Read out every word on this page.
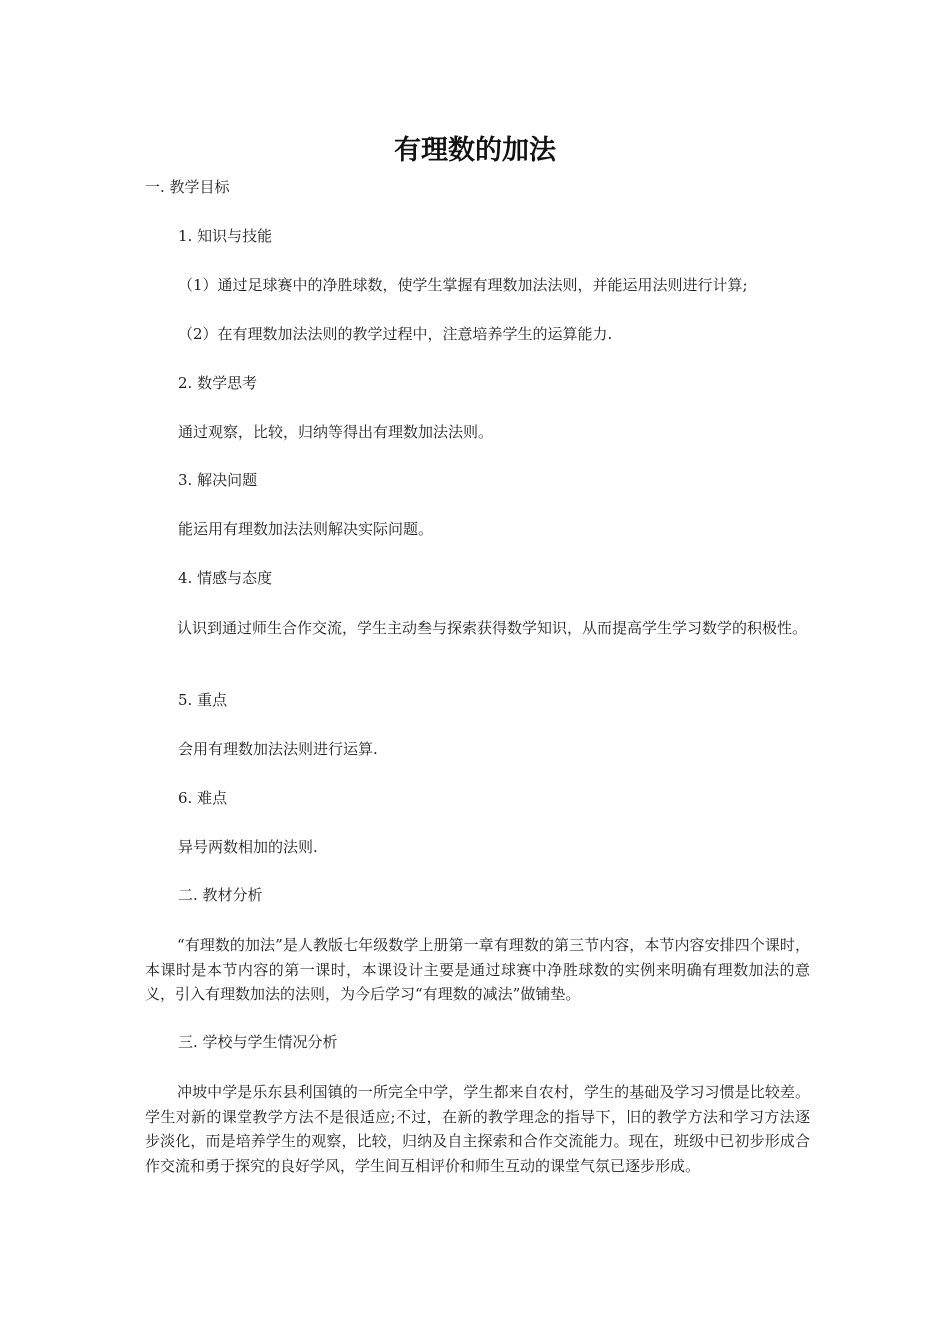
有理数的加法
一. 教学目标
1. 知识与技能
（1）通过足球赛中的净胜球数，使学生掌握有理数加法法则，并能运用法则进行计算;
（2）在有理数加法法则的教学过程中，注意培养学生的运算能力.
2. 数学思考
通过观察，比较，归纳等得出有理数加法法则。
3. 解决问题
能运用有理数加法法则解决实际问题。
4. 情感与态度
认识到通过师生合作交流，学生主动叁与探索获得数学知识，从而提高学生学习数学的积极性。
5. 重点
会用有理数加法法则进行运算.
6. 难点
异号两数相加的法则.
二. 教材分析
“有理数的加法”是人教版七年级数学上册第一章有理数的第三节内容，本节内容安排四个课时，本课时是本节内容的第一课时，本课设计主要是通过球赛中净胜球数的实例来明确有理数加法的意义，引入有理数加法的法则，为今后学习“有理数的减法”做铺垫。
三. 学校与学生情况分析
冲坡中学是乐东县利国镇的一所完全中学，学生都来自农村，学生的基础及学习习惯是比较差。学生对新的课堂教学方法不是很适应;不过，在新的教学理念的指导下，旧的教学方法和学习方法逐步淡化，而是培养学生的观察，比较，归纳及自主探索和合作交流能力。现在，班级中已初步形成合作交流和勇于探究的良好学风，学生间互相评价和师生互动的课堂气氛已逐步形成。
